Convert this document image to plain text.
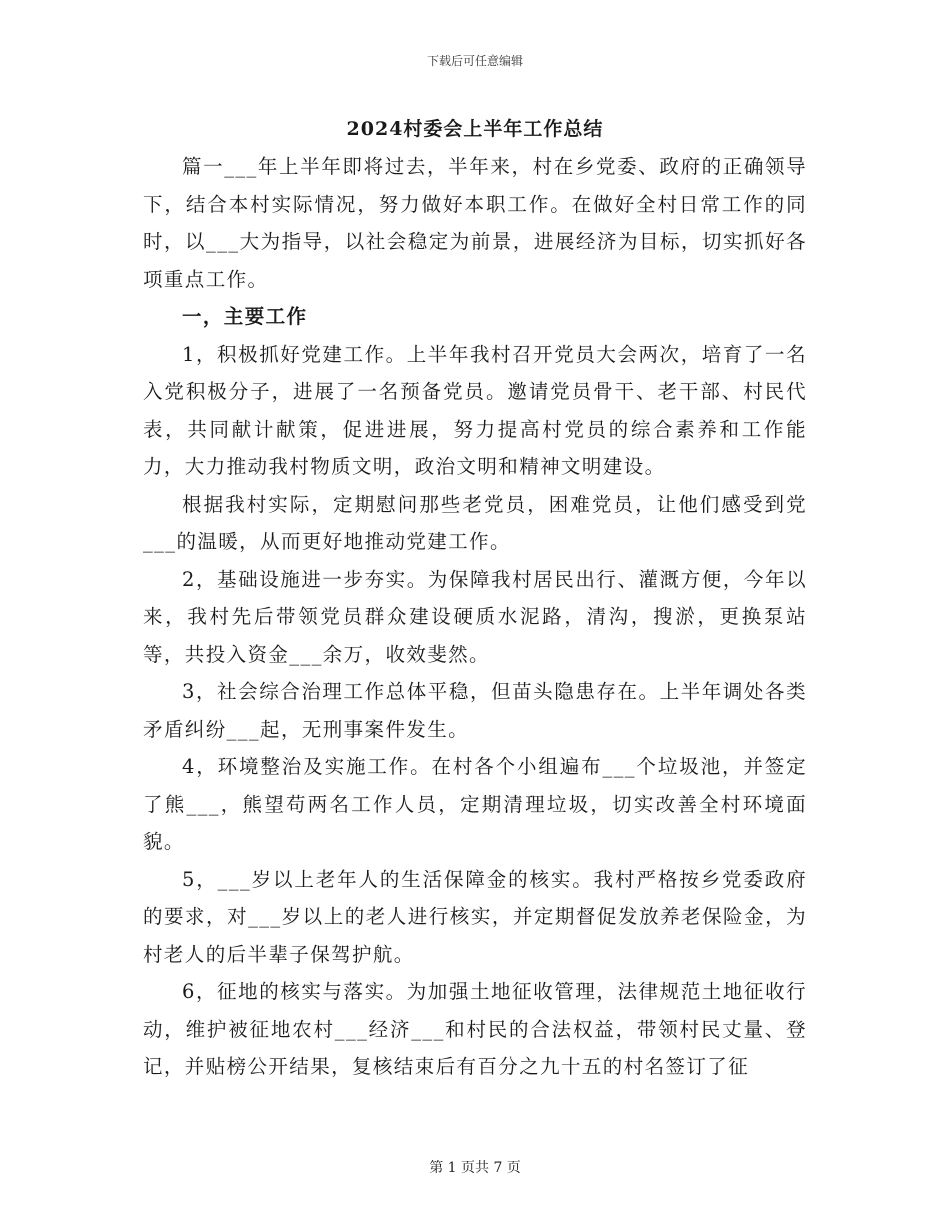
下载后可任意编辑
2024村委会上半年工作总结

篇一___年上半年即将过去，半年来，村在乡党委、政府的正确领导下，结合本村实际情况，努力做好本职工作。在做好全村日常工作的同时，以___大为指导，以社会稳定为前景，进展经济为目标，切实抓好各项重点工作。

一，主要工作

1，积极抓好党建工作。上半年我村召开党员大会两次，培育了一名入党积极分子，进展了一名预备党员。邀请党员骨干、老干部、村民代表，共同献计献策，促进进展，努力提高村党员的综合素养和工作能力，大力推动我村物质文明，政治文明和精神文明建设。

根据我村实际，定期慰问那些老党员，困难党员，让他们感受到党___的温暖，从而更好地推动党建工作。

2，基础设施进一步夯实。为保障我村居民出行、灌溉方便，今年以来，我村先后带领党员群众建设硬质水泥路，清沟，搜淤，更换泵站等，共投入资金___余万，收效斐然。

3，社会综合治理工作总体平稳，但苗头隐患存在。上半年调处各类矛盾纠纷___起，无刑事案件发生。

4，环境整治及实施工作。在村各个小组遍布___个垃圾池，并签定了熊___，熊望苟两名工作人员，定期清理垃圾，切实改善全村环境面貌。

5，___岁以上老年人的生活保障金的核实。我村严格按乡党委政府的要求，对___岁以上的老人进行核实，并定期督促发放养老保险金，为村老人的后半辈子保驾护航。

6，征地的核实与落实。为加强土地征收管理，法律规范土地征收行动，维护被征地农村___经济___和村民的合法权益，带领村民丈量、登记，并贴榜公开结果，复核结束后有百分之九十五的村名签订了征

第 1 页共 7 页
